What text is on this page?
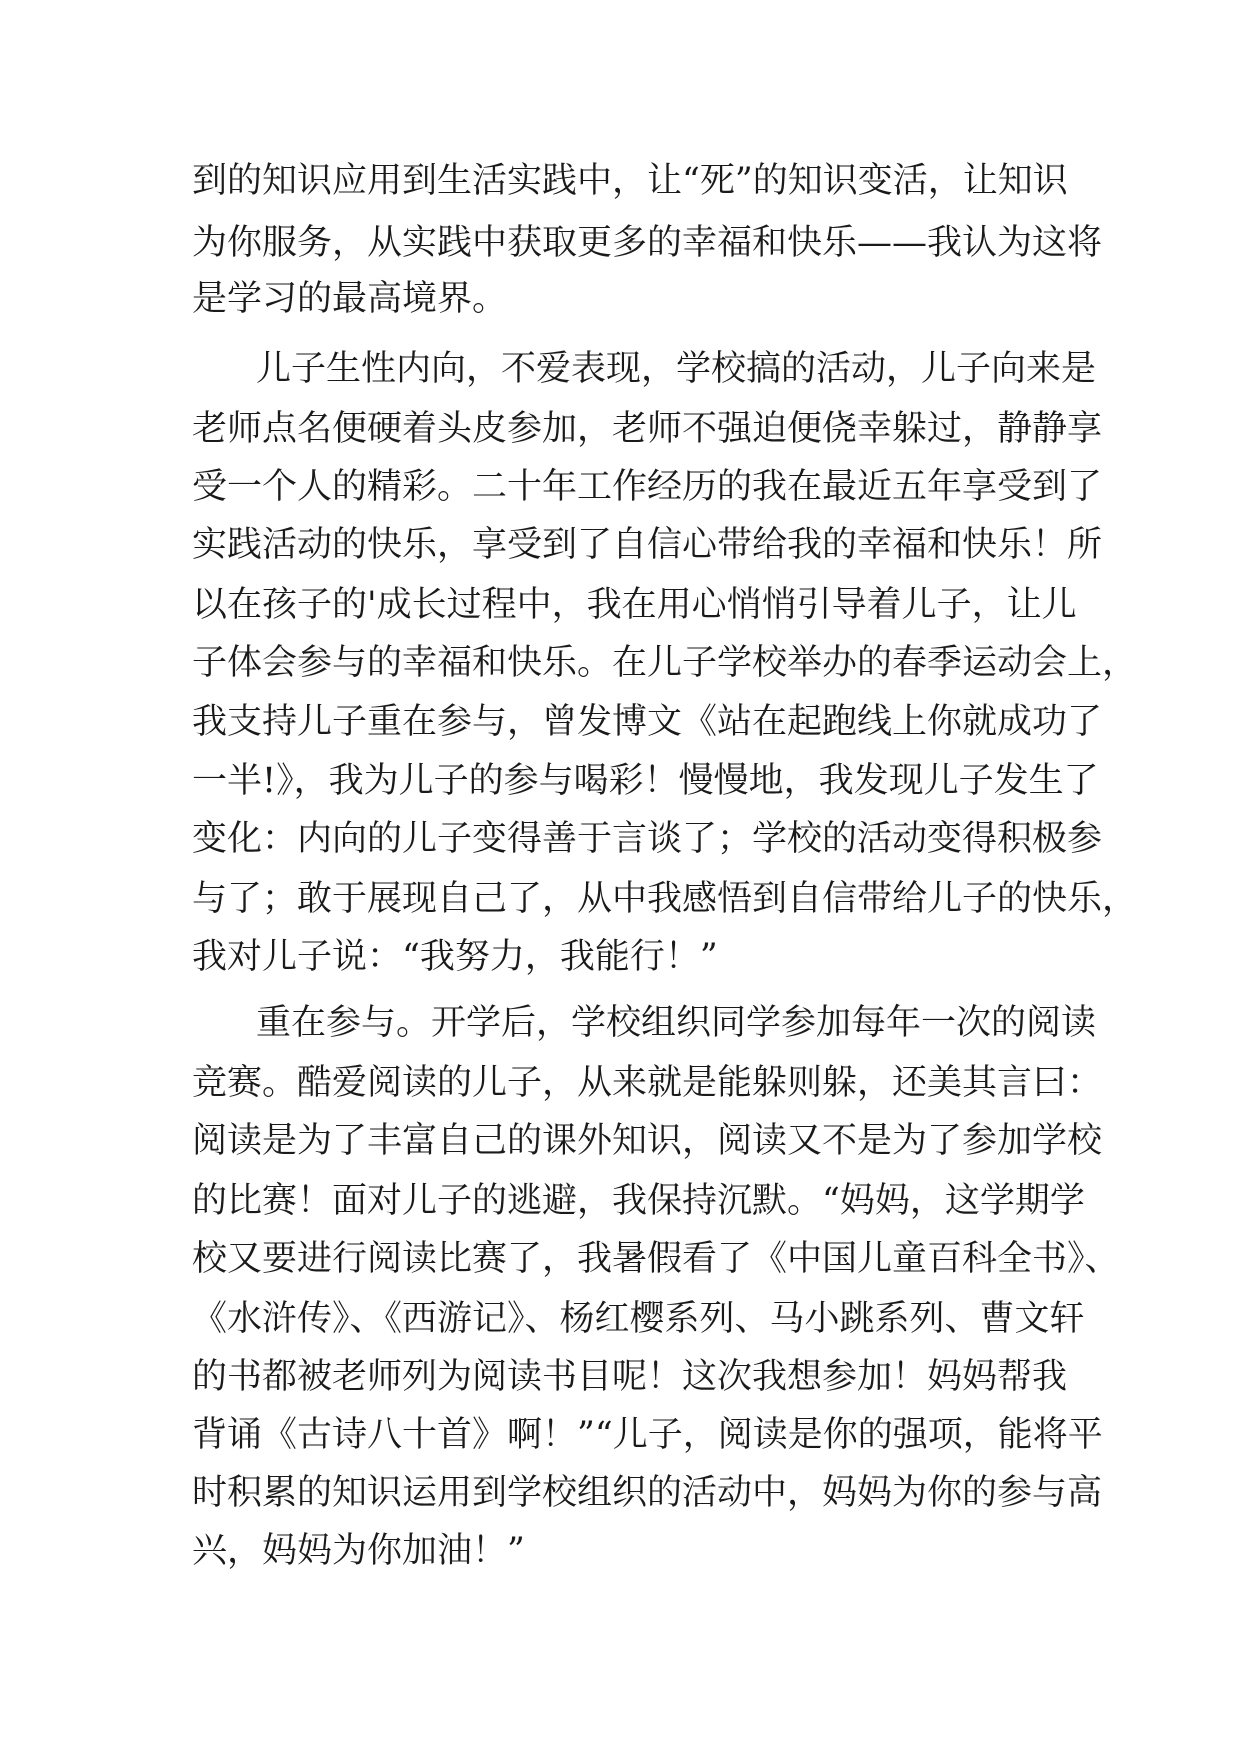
到的知识应用到生活实践中，让“死”的知识变活，让知识
为你服务，从实践中获取更多的幸福和快乐——我认为这将
是学习的最高境界。
儿子生性内向，不爱表现，学校搞的活动，儿子向来是
老师点名便硬着头皮参加，老师不强迫便侥幸躲过，静静享
受一个人的精彩。二十年工作经历的我在最近五年享受到了
实践活动的快乐，享受到了自信心带给我的幸福和快乐！所
以在孩子的'成长过程中，我在用心悄悄引导着儿子，让儿
子体会参与的幸福和快乐。在儿子学校举办的春季运动会上，
我支持儿子重在参与，曾发博文《站在起跑线上你就成功了
一半!》，我为儿子的参与喝彩！慢慢地，我发现儿子发生了
变化：内向的儿子变得善于言谈了；学校的活动变得积极参
与了；敢于展现自己了，从中我感悟到自信带给儿子的快乐，
我对儿子说：“我努力，我能行！”
重在参与。开学后，学校组织同学参加每年一次的阅读
竞赛。酷爱阅读的儿子，从来就是能躲则躲，还美其言曰：
阅读是为了丰富自己的课外知识，阅读又不是为了参加学校
的比赛！面对儿子的逃避，我保持沉默。“妈妈，这学期学
校又要进行阅读比赛了，我暑假看了《中国儿童百科全书》、
《水浒传》、《西游记》、杨红樱系列、马小跳系列、曹文轩
的书都被老师列为阅读书目呢！这次我想参加！妈妈帮我
背诵《古诗八十首》啊！”“儿子，阅读是你的强项，能将平
时积累的知识运用到学校组织的活动中，妈妈为你的参与高
兴，妈妈为你加油！”
